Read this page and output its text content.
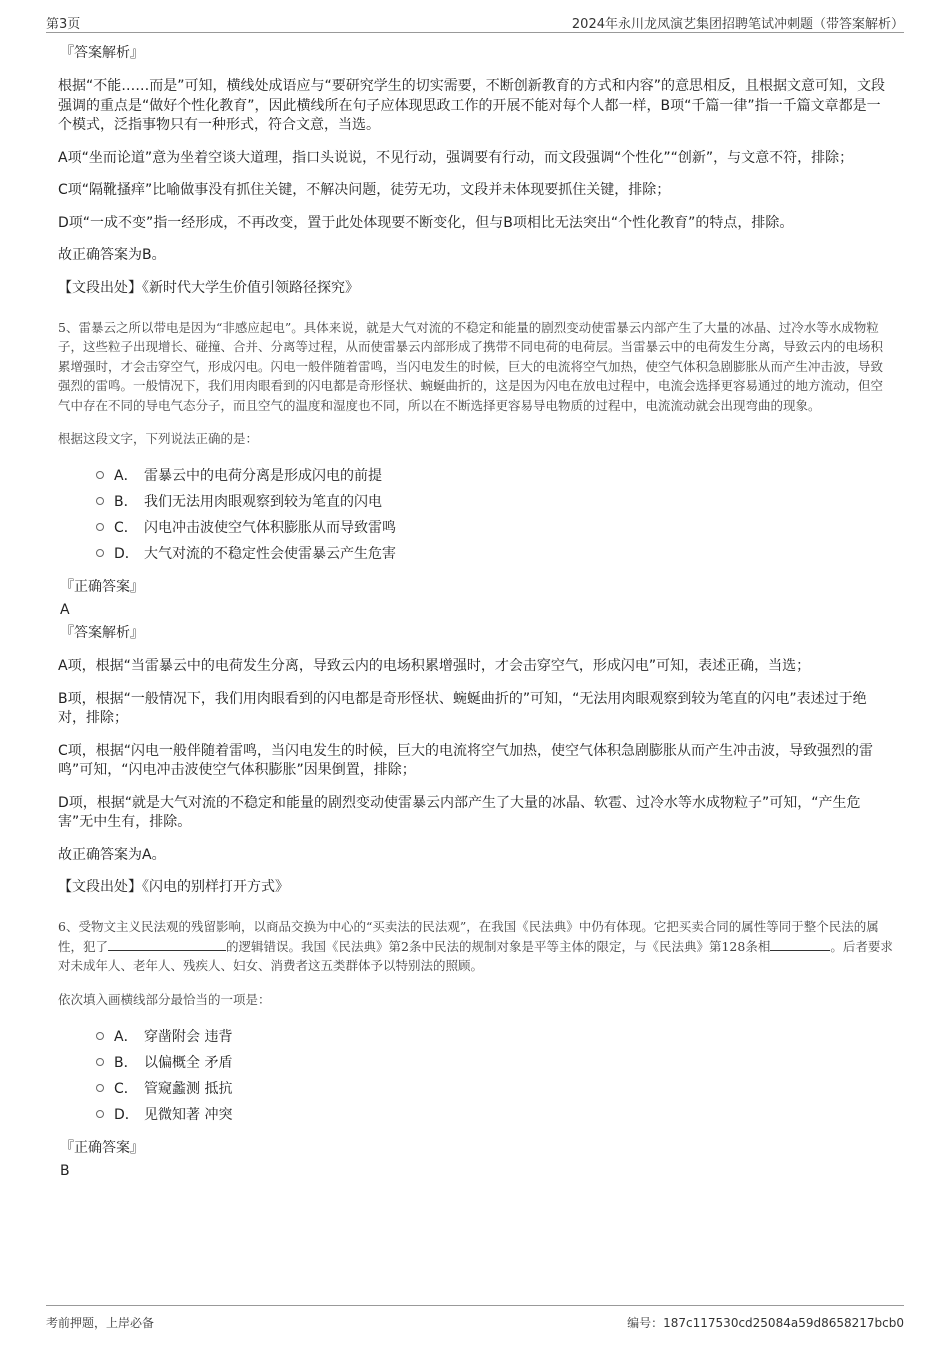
第3页	2024年永川龙凤演艺集团招聘笔试冲刺题（带答案解析）
『答案解析』

根据“不能……而是”可知，横线处成语应与“要研究学生的切实需要，不断创新教育的方式和内容”的意思相反，且根据文意可知，文段强调的重点是“做好个性化教育”，因此横线所在句子应体现思政工作的开展不能对每个人都一样，B项“千篇一律”指一千篇文章都是一个模式，泛指事物只有一种形式，符合文意，当选。

A项“坐而论道”意为坐着空谈大道理，指口头说说，不见行动，强调要有行动，而文段强调“个性化”“创新”，与文意不符，排除；

C项“隔靴搔痒”比喻做事没有抓住关键，不解决问题，徒劳无功，文段并未体现要抓住关键，排除；

D项“一成不变”指一经形成，不再改变，置于此处体现要不断变化，但与B项相比无法突出“个性化教育”的特点，排除。

故正确答案为B。

【文段出处】《新时代大学生价值引领路径探究》

5、雷暴云之所以带电是因为“非感应起电”。具体来说，就是大气对流的不稳定和能量的剧烈变动使雷暴云内部产生了大量的冰晶、过冷水等水成物粒子，这些粒子出现增长、碰撞、合并、分离等过程，从而使雷暴云内部形成了携带不同电荷的电荷层。当雷暴云中的电荷发生分离，导致云内的电场积累增强时，才会击穿空气，形成闪电。闪电一般伴随着雷鸣，当闪电发生的时候，巨大的电流将空气加热，使空气体积急剧膨胀从而产生冲击波，导致强烈的雷鸣。一般情况下，我们用肉眼看到的闪电都是奇形怪状、蜿蜒曲折的，这是因为闪电在放电过程中，电流会选择更容易通过的地方流动，但空气中存在不同的导电气态分子，而且空气的温度和湿度也不同，所以在不断选择更容易导电物质的过程中，电流流动就会出现弯曲的现象。

根据这段文字，下列说法正确的是：

A． 雷暴云中的电荷分离是形成闪电的前提
B． 我们无法用肉眼观察到较为笔直的闪电
C． 闪电冲击波使空气体积膨胀从而导致雷鸣
D． 大气对流的不稳定性会使雷暴云产生危害
『正确答案』
A
『答案解析』

A项，根据“当雷暴云中的电荷发生分离，导致云内的电场积累增强时，才会击穿空气，形成闪电”可知，表述正确，当选；

B项，根据“一般情况下，我们用肉眼看到的闪电都是奇形怪状、蜿蜒曲折的”可知，“无法用肉眼观察到较为笔直的闪电”表述过于绝对，排除；

C项，根据“闪电一般伴随着雷鸣，当闪电发生的时候，巨大的电流将空气加热，使空气体积急剧膨胀从而产生冲击波，导致强烈的雷鸣”可知，“闪电冲击波使空气体积膨胀”因果倒置，排除；

D项，根据“就是大气对流的不稳定和能量的剧烈变动使雷暴云内部产生了大量的冰晶、软雹、过冷水等水成物粒子”可知，“产生危害”无中生有，排除。

故正确答案为A。

【文段出处】《闪电的别样打开方式》

6、受物文主义民法观的残留影响，以商品交换为中心的“买卖法的民法观”，在我国《民法典》中仍有体现。它把买卖合同的属性等同于整个民法的属性，犯了	的逻辑错误。我国《民法典》第2条中民法的规制对象是平等主体的限定，与《民法典》第128条相	。后者要求对未成年人、老年人、残疾人、妇女、消费者这五类群体予以特别法的照顾。

依次填入画横线部分最恰当的一项是：

A． 穿凿附会 违背
B． 以偏概全 矛盾
C． 管窥蠡测 抵抗
D． 见微知著 冲突
『正确答案』
B
考前押题，上岸必备	编号：187c117530cd25084a59d8658217bcb0
